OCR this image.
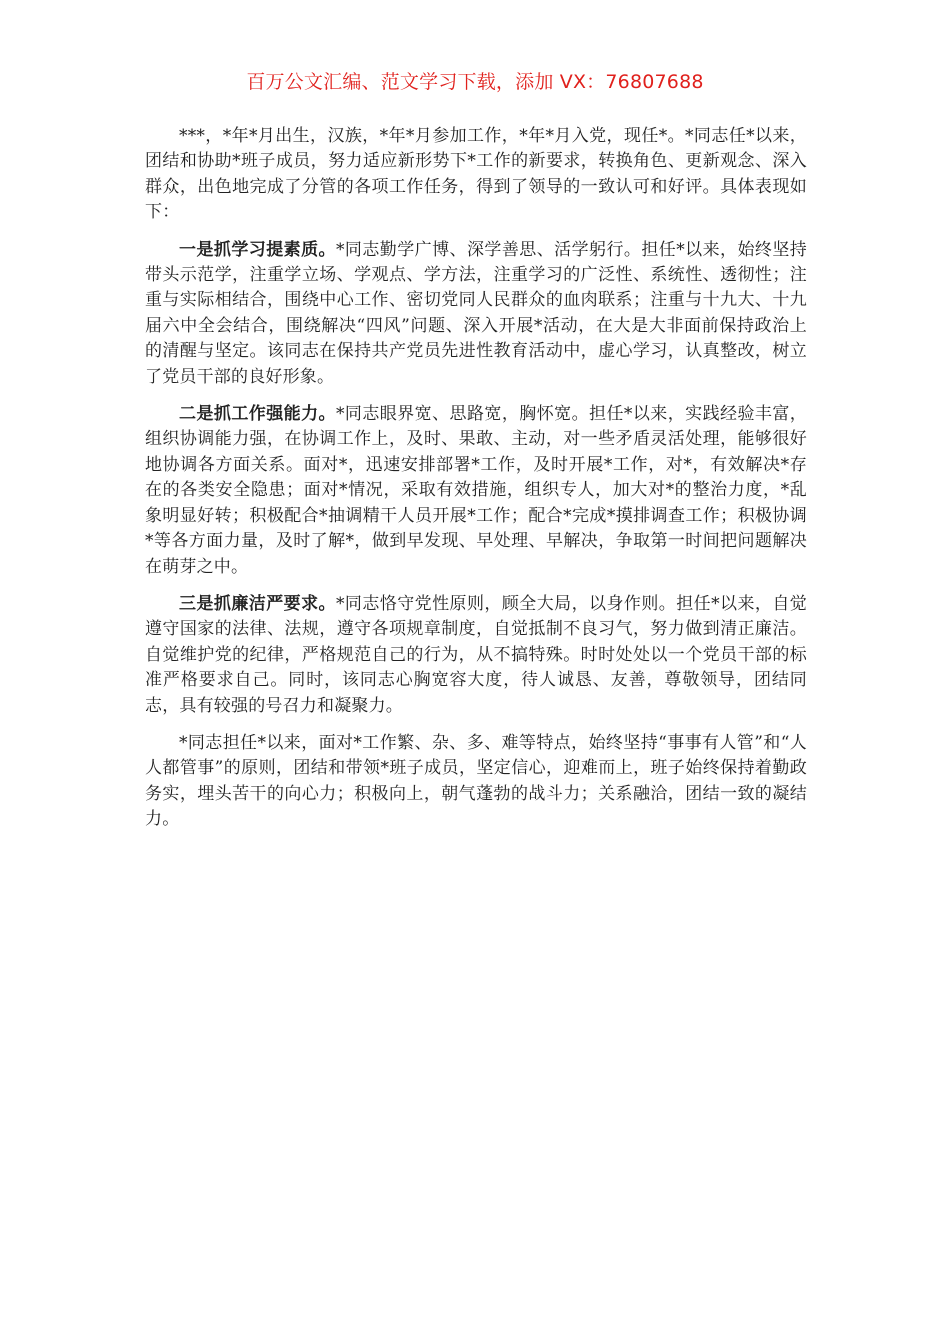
百万公文汇编、范文学习下载，添加 VX：76807688

***，*年*月出生，汉族，*年*月参加工作，*年*月入党，现任*。*同志任*以来，团结和协助*班子成员，努力适应新形势下*工作的新要求，转换角色、更新观念、深入群众，出色地完成了分管的各项工作任务，得到了领导的一致认可和好评。具体表现如下：

一是抓学习提素质。*同志勤学广博、深学善思、活学躬行。担任*以来，始终坚持带头示范学，注重学立场、学观点、学方法，注重学习的广泛性、系统性、透彻性；注重与实际相结合，围绕中心工作、密切党同人民群众的血肉联系；注重与十九大、十九届六中全会结合，围绕解决“四风”问题、深入开展*活动，在大是大非面前保持政治上的清醒与坚定。该同志在保持共产党员先进性教育活动中，虚心学习，认真整改，树立了党员干部的良好形象。

二是抓工作强能力。*同志眼界宽、思路宽，胸怀宽。担任*以来，实践经验丰富，组织协调能力强，在协调工作上，及时、果敢、主动，对一些矛盾灵活处理，能够很好地协调各方面关系。面对*，迅速安排部署*工作，及时开展*工作，对*，有效解决*存在的各类安全隐患；面对*情况，采取有效措施，组织专人，加大对*的整治力度，*乱象明显好转；积极配合*抽调精干人员开展*工作；配合*完成*摸排调查工作；积极协调*等各方面力量，及时了解*，做到早发现、早处理、早解决，争取第一时间把问题解决在萌芽之中。

三是抓廉洁严要求。*同志恪守党性原则，顾全大局，以身作则。担任*以来，自觉遵守国家的法律、法规，遵守各项规章制度，自觉抵制不良习气，努力做到清正廉洁。自觉维护党的纪律，严格规范自己的行为，从不搞特殊。时时处处以一个党员干部的标准严格要求自己。同时，该同志心胸宽容大度，待人诚恳、友善，尊敬领导，团结同志，具有较强的号召力和凝聚力。

*同志担任*以来，面对*工作繁、杂、多、难等特点，始终坚持“事事有人管”和“人人都管事”的原则，团结和带领*班子成员，坚定信心，迎难而上，班子始终保持着勤政务实，埋头苦干的向心力；积极向上，朝气蓬勃的战斗力；关系融洽，团结一致的凝结力。
